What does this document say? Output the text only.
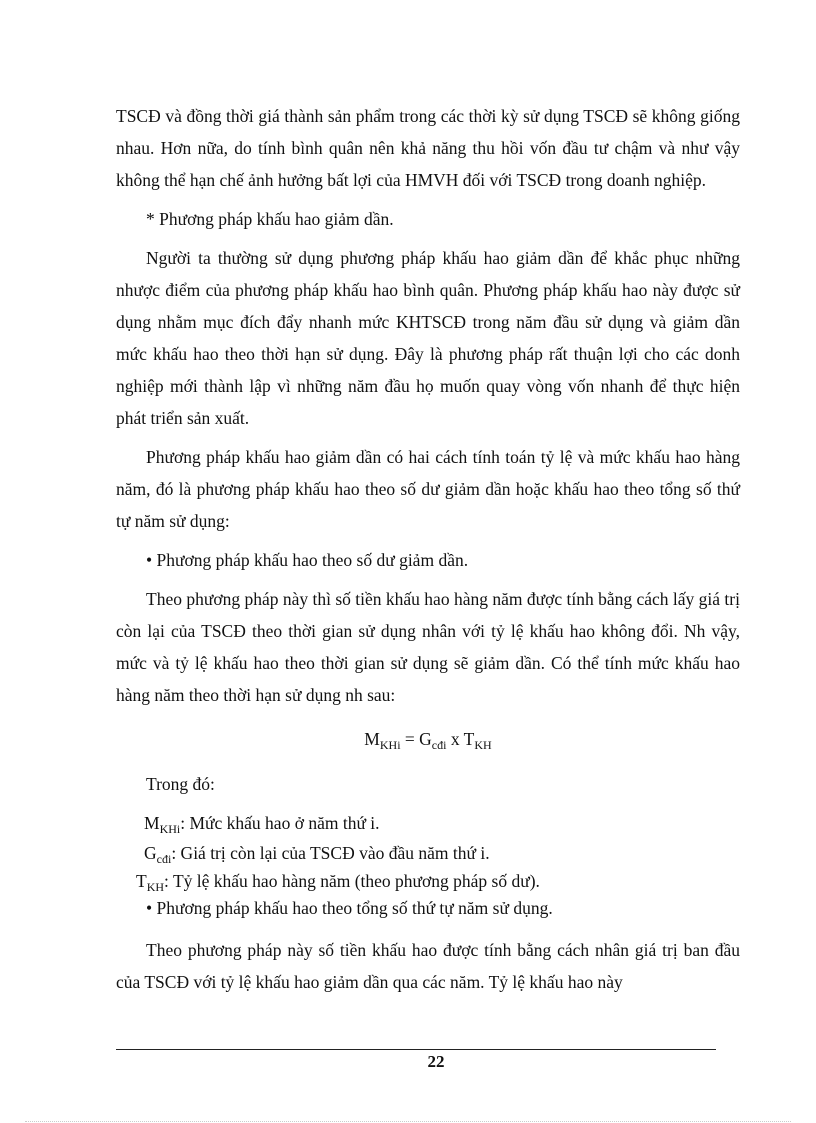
TSCĐ và đồng thời giá thành sản phẩm trong các thời kỳ sử dụng TSCĐ sẽ không giống nhau. Hơn nữa, do tính bình quân nên khả năng thu hồi vốn đầu tư chậm và như vậy không thể hạn chế ảnh hưởng bất lợi của HMVH đối với TSCĐ trong doanh nghiệp.

* Phương pháp khấu hao giảm dần.

Người ta thường sử dụng phương pháp khấu hao giảm dần để khắc phục những nhược điểm của phương pháp khấu hao bình quân. Phương pháp khấu hao này được sử dụng nhằm mục đích đẩy nhanh mức KHTSCĐ trong năm đầu sử dụng và giảm dần mức khấu hao theo thời hạn sử dụng. Đây là phương pháp rất thuận lợi cho các donh nghiệp mới thành lập vì những năm đầu họ muốn quay vòng vốn nhanh để thực hiện phát triển sản xuất.

Phương pháp khấu hao giảm dần có hai cách tính toán tỷ lệ và mức khấu hao hàng năm, đó là phương pháp khấu hao theo số dư giảm dần hoặc khấu hao theo tổng số thứ tự năm sử dụng:

• Phương pháp khấu hao theo số dư giảm dần.

Theo phương pháp này thì số tiền khấu hao hàng năm được tính bằng cách lấy giá trị còn lại của TSCĐ theo thời gian sử dụng nhân với tỷ lệ khấu hao không đổi. Nh vậy, mức và tỷ lệ khấu hao theo thời gian sử dụng sẽ giảm dần. Có thể tính mức khấu hao hàng năm theo thời hạn sử dụng nh sau:

$M_{KHi} = G_{cđi}$ x $T_{KH}$

Trong đó:

$M_{KHi}$: Mức khấu hao ở năm thứ i.

$G_{cđi}$: Giá trị còn lại của TSCĐ vào đầu năm thứ i.

$T_{KH}$: Tỷ lệ khấu hao hàng năm (theo phương pháp số dư).

• Phương pháp khấu hao theo tổng số thứ tự năm sử dụng.

Theo phương pháp này số tiền khấu hao được tính bằng cách nhân giá trị ban đầu của TSCĐ với tỷ lệ khấu hao giảm dần qua các năm. Tỷ lệ khấu hao này

22
